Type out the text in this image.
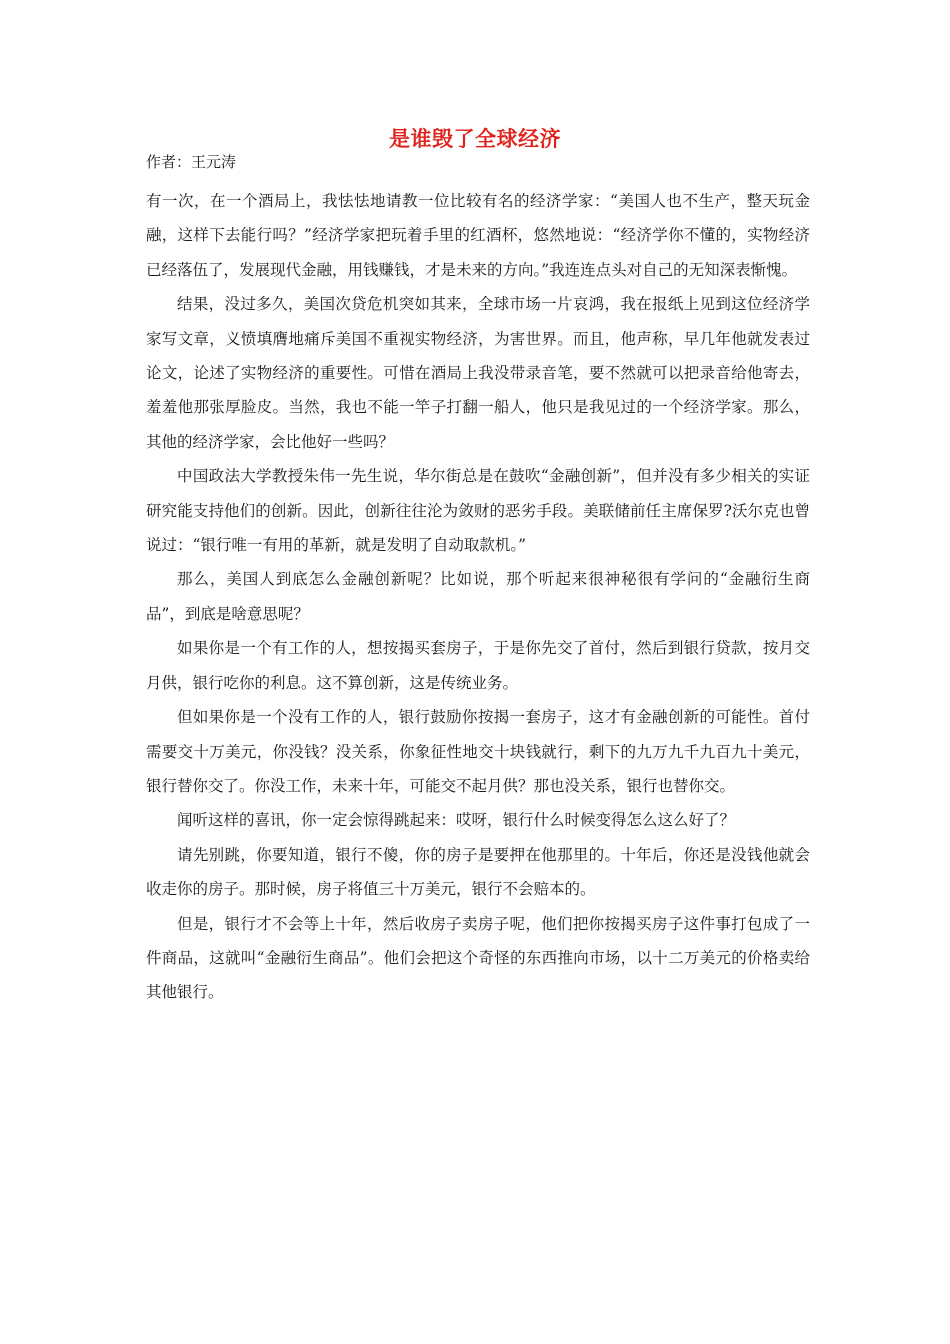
是谁毁了全球经济
作者：王元涛

有一次，在一个酒局上，我怯怯地请教一位比较有名的经济学家：“美国人也不生产，整天玩金融，这样下去能行吗？”经济学家把玩着手里的红酒杯，悠然地说：“经济学你不懂的，实物经济已经落伍了，发展现代金融，用钱赚钱，才是未来的方向。”我连连点头对自己的无知深表惭愧。

结果，没过多久，美国次贷危机突如其来，全球市场一片哀鸿，我在报纸上见到这位经济学家写文章，义愤填膺地痛斥美国不重视实物经济，为害世界。而且，他声称，早几年他就发表过论文，论述了实物经济的重要性。可惜在酒局上我没带录音笔，要不然就可以把录音给他寄去，羞羞他那张厚脸皮。当然，我也不能一竿子打翻一船人，他只是我见过的一个经济学家。那么，其他的经济学家，会比他好一些吗？

中国政法大学教授朱伟一先生说，华尔街总是在鼓吹“金融创新”，但并没有多少相关的实证研究能支持他们的创新。因此，创新往往沦为敛财的恶劣手段。美联储前任主席保罗?沃尔克也曾说过：“银行唯一有用的革新，就是发明了自动取款机。”

那么，美国人到底怎么金融创新呢？比如说，那个听起来很神秘很有学问的“金融衍生商品”，到底是啥意思呢？

如果你是一个有工作的人，想按揭买套房子，于是你先交了首付，然后到银行贷款，按月交月供，银行吃你的利息。这不算创新，这是传统业务。

但如果你是一个没有工作的人，银行鼓励你按揭一套房子，这才有金融创新的可能性。首付需要交十万美元，你没钱？没关系，你象征性地交十块钱就行，剩下的九万九千九百九十美元，银行替你交了。你没工作，未来十年，可能交不起月供？那也没关系，银行也替你交。

闻听这样的喜讯，你一定会惊得跳起来：哎呀，银行什么时候变得怎么这么好了？

请先别跳，你要知道，银行不傻，你的房子是要押在他那里的。十年后，你还是没钱他就会收走你的房子。那时候，房子将值三十万美元，银行不会赔本的。

但是，银行才不会等上十年，然后收房子卖房子呢，他们把你按揭买房子这件事打包成了一件商品，这就叫“金融衍生商品”。他们会把这个奇怪的东西推向市场，以十二万美元的价格卖给其他银行。
